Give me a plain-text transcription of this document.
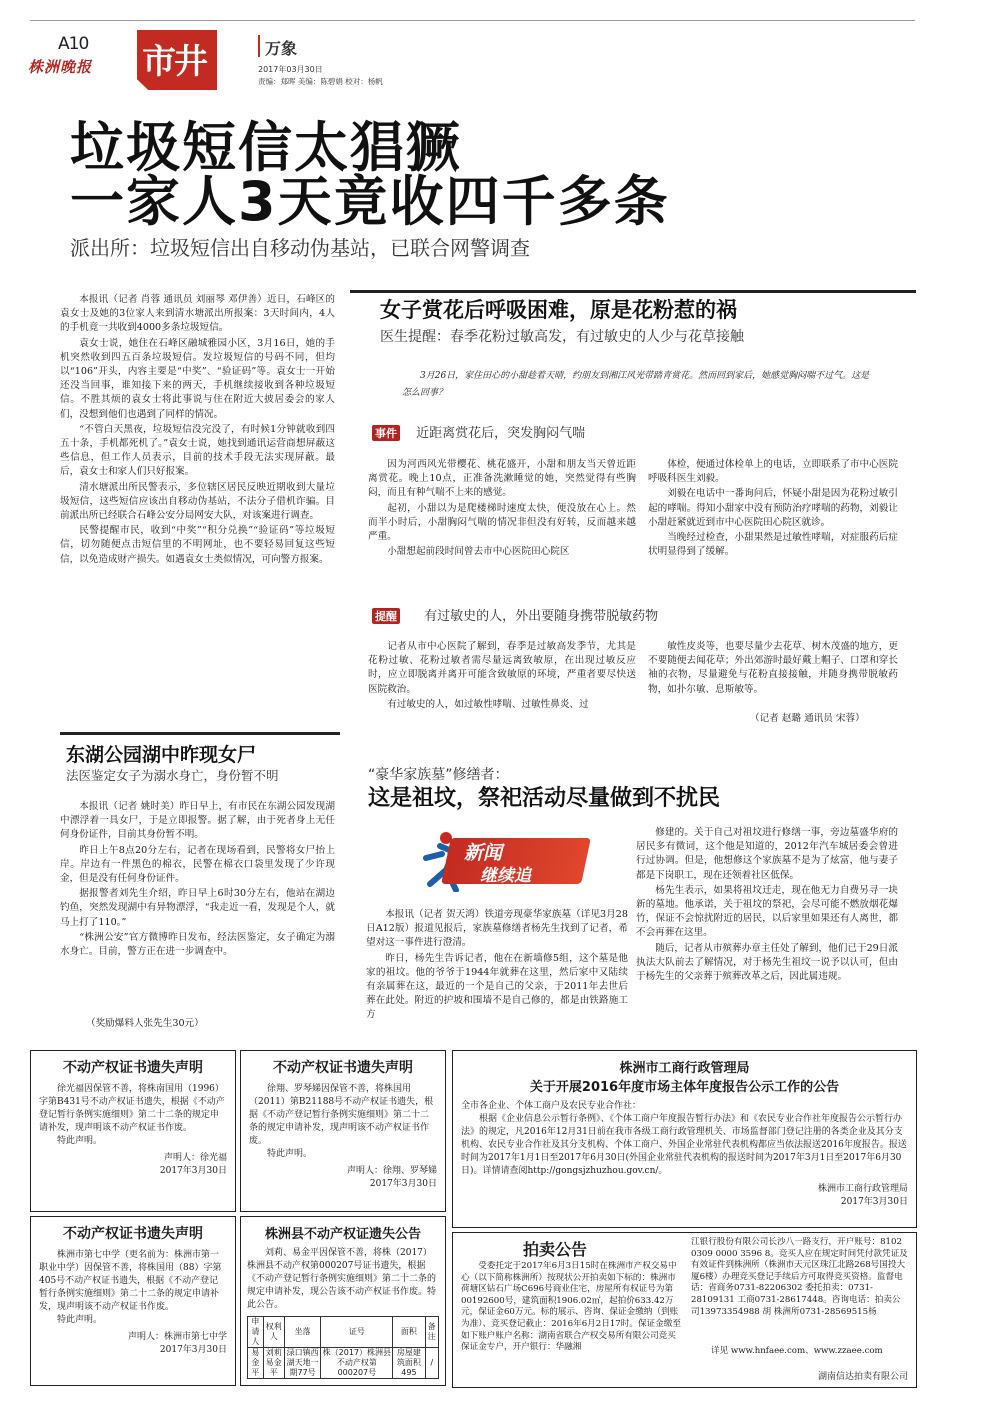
A10
株洲晚报 市井	万象
2017年03月30日
责编：郑晖 美编：陈碧娟 校对：杨帆
垃圾短信太猖獗
一家人3天竟收四千多条
派出所：垃圾短信出自移动伪基站，已联合网警调查

本报讯（记者 肖蓉 通讯员 刘丽琴 邓伊善）近日，石峰区的袁女士及她的3位家人来到清水塘派出所报案：3天时间内，4人的手机竟一共收到4000多条垃圾短信。

袁女士说，她住在石峰区融城雅园小区，3月16日，她的手机突然收到四五百条垃圾短信。发垃圾短信的号码不同，但均以“106”开头，内容主要是“中奖”、“验证码”等。袁女士一开始还没当回事，谁知接下来的两天，手机继续接收到各种垃圾短信。不胜其烦的袁女士将此事说与住在附近大披居委会的家人们，没想到他们也遇到了同样的情况。

“不管白天黑夜，垃圾短信没完没了，有时候1分钟就收到四五十条，手机都死机了。”袁女士说，她找到通讯运营商想屏蔽这些信息，但工作人员表示，目前的技术手段无法实现屏蔽。最后，袁女士和家人们只好报案。

清水塘派出所民警表示，多位辖区居民反映近期收到大量垃圾短信，这些短信应该出自移动伪基站，不法分子借机诈骗。目前派出所已经联合石峰公安分局网安大队，对该案进行调查。

民警提醒市民，收到“中奖”“积分兑换”“验证码”等垃圾短信，切勿随便点击短信里的不明网址，也不要轻易回复这些短信，以免造成财产损失。如遇袁女士类似情况，可向警方报案。

女子赏花后呼吸困难，原是花粉惹的祸
医生提醒：春季花粉过敏高发，有过敏史的人少与花草接触
3月26日，家住田心的小甜趁着天晴，约朋友到湘江风光带踏青赏花。然而回到家后，她感觉胸闷喘不过气。这是怎么回事？
事件 近距离赏花后，突发胸闷气喘

因为河西风光带樱花、桃花盛开，小甜和朋友当天曾近距离赏花。晚上10点，正准备洗漱睡觉的她，突然觉得有些胸闷，而且有种气喘不上来的感觉。

起初，小甜以为是爬楼梯时速度太快，便没放在心上。然而半小时后，小甜胸闷气喘的情况非但没有好转，反而越来越严重。

小甜想起前段时间曾去市中心医院田心院区

体检，便通过体检单上的电话，立即联系了市中心医院呼吸科医生刘毅。

刘毅在电话中一番询问后，怀疑小甜是因为花粉过敏引起的哮喘。得知小甜家中没有预防治疗哮喘的药物，刘毅让小甜赶紧就近到市中心医院田心院区就诊。

当晚经过检查，小甜果然是过敏性哮喘，对症服药后症状明显得到了缓解。

提醒 有过敏史的人，外出要随身携带脱敏药物

记者从市中心医院了解到，春季是过敏高发季节，尤其是花粉过敏、花粉过敏者需尽量远离致敏原，在出现过敏反应时，应立即脱离并离开可能含致敏原的环境，严重者要尽快送医院救治。

有过敏史的人，如过敏性哮喘、过敏性鼻炎、过

敏性皮炎等，也要尽量少去花草、树木茂盛的地方，更不要随便去闻花草；外出郊游时最好戴上帽子、口罩和穿长袖的衣物，尽量避免与花粉直接接触，并随身携带脱敏药物，如扑尔敏、息斯敏等。

（记者 赵璐 通讯员 宋蓉）
东湖公园湖中昨现女尸
法医鉴定女子为溺水身亡，身份暂不明

本报讯（记者 姚时美）昨日早上，有市民在东湖公园发现湖中漂浮着一具女尸，于是立即报警。据了解，由于死者身上无任何身份证件，目前其身份暂不明。

昨日上午8点20分左右，记者在现场看到，民警将女尸抬上岸。岸边有一件黑色的棉衣，民警在棉衣口袋里发现了少许现金，但是没有任何身份证件。

据报警者刘先生介绍，昨日早上6时30分左右，他站在湖边钓鱼，突然发现湖中有异物漂浮，“我走近一看，发现是个人，就马上打了110。”

“株洲公安”官方微博昨日发布，经法医鉴定，女子确定为溺水身亡。目前，警方正在进一步调查中。

（奖励爆料人张先生30元）
“豪华家族墓”修缮者：
这是祖坟，祭祀活动尽量做到不扰民
新闻
继续追

本报讯（记者 贺天鸿）铁道旁现豪华家族墓（详见3月28日A12版）报道见报后，家族墓修缮者杨先生找到了记者，希望对这一事件进行澄清。

昨日，杨先生告诉记者，他在在新墙修5组，这个墓是他家的祖坟。他的爷爷于1944年就葬在这里，然后家中又陆续有亲属葬在这，最近的一个是自己的父亲，于2011年去世后葬在此处。附近的护坡和围墙不是自己修的，都是由铁路施工方

修建的。关于自己对祖坟进行修缮一事，旁边墓盛华府的居民多有微词，这个他是知道的，2012年汽车城居委会曾进行过协调。但是，他想修这个家族墓不是为了炫富，他与妻子都是下岗职工，现在还领着社区低保。

杨先生表示，如果将祖坟迁走，现在他无力自费另寻一块新的墓地。他承诺，关于祖坟的祭祀，会尽可能不燃放烟花爆竹，保证不会惊扰附近的居民，以后家里如果还有人离世，都不会再葬在这里。

随后，记者从市殡葬办章主任处了解到，他们已于29日派执法大队前去了解情况，对于杨先生祖坟一说予以认可，但由于杨先生的父亲葬于殡葬改革之后，因此属违规。

不动产权证书遗失声明
徐光福因保管不善，将株南国用（1996）字第B431号不动产权证书遗失，根据《不动产登记暂行条例实施细则》第二十二条的规定申请补发，现声明该不动产权证书作废。
特此声明。
声明人：徐光福
2017年3月30日
不动产权证书遗失声明
徐翔、罗琴娣因保管不善，将株国用（2011）第B21188号不动产权证书遗失，根据《不动产登记暂行条例实施细则》第二十二条的规定申请补发，现声明该不动产权证书作废。
特此声明。
声明人：徐翔、罗琴娣
2017年3月30日
株洲市工商行政管理局
关于开展2016年度市场主体年度报告公示工作的公告
全市各企业、个体工商户及农民专业合作社：
根据《企业信息公示暂行条例》、《个体工商户年度报告暂行办法》和《农民专业合作社年度报告公示暂行办法》的规定，凡2016年12月31日前在我市各级工商行政管理机关、市场监督部门登记注册的各类企业及其分支机构、农民专业合作社及其分支机构、个体工商户、外国企业常驻代表机构都应当依法报送2016年度报告。报送时间为2017年1月1日至2017年6月30日(外国企业常驻代表机构的报送时间为2017年3月1日至2017年6月30日)。详情请查阅http://gongsjzhuzhou.gov.cn/。
株洲市工商行政管理局
2017年3月30日
不动产权证书遗失声明
株洲市第七中学（更名前为：株洲市第一职业中学）因保管不善，将株国用（88）字第405号不动产权证书遗失，根据《不动产登记暂行条例实施细则》第二十二条的规定申请补发，现声明该不动产权证书作废。
特此声明。
声明人：株洲市第七中学
2017年3月30日
株洲县不动产权证遗失公告
刘莉、易金平因保管不善，将株（2017）株洲县不动产权第000207号证书遗失，根据《不动产登记暂行条例实施细则》第二十二条的规定申请补发，现公告该不动产权证书作废。特此公告。
申请人	权利人	坐落	证号	面积	备注
易金平	刘莉 易金平	渌口镇西湖天地一期77号	株（2017）株洲县不动产权第000207号	房屋建筑面积495	/
拍卖公告
受委托定于2017年6月3日15时在株洲市产权交易中心（以下简称株洲所）按现状公开拍卖如下标的：株洲市荷塘区钻石广场C696号商业住宅，房屋所有权证号为第00192600号，建筑面积1906.02㎡，起拍价633.42万元，保证金60万元。标的展示、咨询、保证金缴纳（到账为准）、竞买登记截止：2016年6月2日17时。保证金缴至如下账户账户名称：湖南省联合产权交易所有限公司竞买保证金专户，开户银行：华融湘
江银行股份有限公司长沙八一路支行，开户账号：8102 0309 0000 3596 8。竞买人应在规定时间凭付款凭证及有效证件到株洲所（株洲市天元区珠江北路268号国投大厦6楼）办理竞买登记手续后方可取得竞买资格。监督电话：省商务0731-82206302 委托拍卖：0731-28109131 工商0731-28617448。咨询电话：拍卖公司13973354988 胡 株洲所0731-28569515杨
详见 www.hnfaee.com、www.zzaee.com
湖南信达拍卖有限公司
